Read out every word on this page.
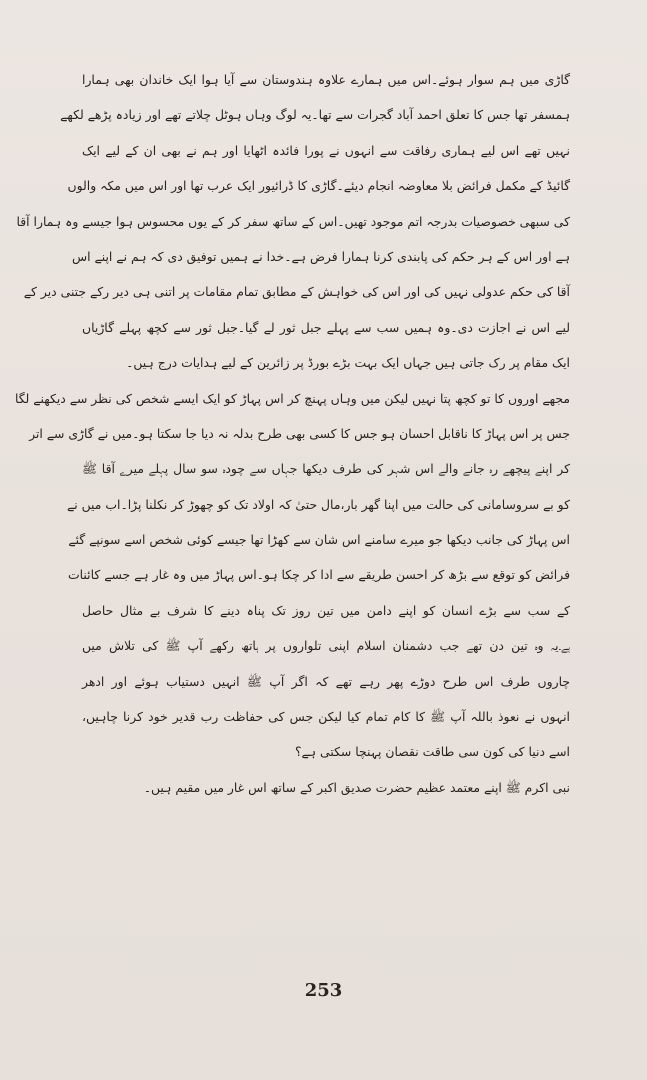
گاڑی میں ہم سوار ہوئے۔اس میں ہمارے علاوہ ہندوستان سے آیا ہوا ایک خاندان بھی ہمارا
ہمسفر تھا جس کا تعلق احمد آباد گجرات سے تھا۔یہ لوگ وہاں ہوٹل چلاتے تھے اور زیادہ پڑھے لکھے
نہیں تھے اس لیے ہماری رفاقت سے انہوں نے پورا فائدہ اٹھایا اور ہم نے بھی ان کے لیے ایک
گائیڈ کے مکمل فرائض بلا معاوضہ انجام دیئے۔گاڑی کا ڈرائیور ایک عرب تھا اور اس میں مکہ والوں
کی سبھی خصوصیات بدرجہ اتم موجود تھیں۔اس کے ساتھ سفر کر کے یوں محسوس ہوا جیسے وہ ہمارا آقا
ہے اور اس کے ہر حکم کی پابندی کرنا ہمارا فرض ہے۔خدا نے ہمیں توفیق دی کہ ہم نے اپنے اس
آقا کی حکم عدولی نہیں کی اور اس کی خواہش کے مطابق تمام مقامات پر اتنی ہی دیر رکے جتنی دیر کے
لیے اس نے اجازت دی۔وہ ہمیں سب سے پہلے جبل ثور لے گیا۔جبل ثور سے کچھ پہلے گاڑیاں
ایک مقام پر رک جاتی ہیں جہاں ایک بہت بڑے بورڈ پر زائرین کے لیے ہدایات درج ہیں۔
مجھے اوروں کا تو کچھ پتا نہیں لیکن میں وہاں پہنچ کر اس پہاڑ کو ایک ایسے شخص کی نظر سے دیکھنے لگا
جس پر اس پہاڑ کا ناقابل احسان ہو جس کا کسی بھی طرح بدلہ نہ دیا جا سکتا ہو۔میں نے گاڑی سے اتر
کر اپنے پیچھے رہ جانے والے اس شہر کی طرف دیکھا جہاں سے چودہ سو سال پہلے میرے آقا ﷺ
کو بے سروسامانی کی حالت میں اپنا گھر بار،مال حتیٰ کہ اولاد تک کو چھوڑ کر نکلنا پڑا۔اب میں نے
اس پہاڑ کی جانب دیکھا جو میرے سامنے اس شان سے کھڑا تھا جیسے کوئی شخص اسے سونپے گئے
فرائض کو توقع سے بڑھ کر احسن طریقے سے ادا کر چکا ہو۔اس پہاڑ میں وہ غار ہے جسے کائنات
کے سب سے بڑے انسان کو اپنے دامن میں تین روز تک پناہ دینے کا شرف بے مثال حاصل
ہے۔یہ وہ تین دن تھے جب دشمنان اسلام اپنی تلواروں پر ہاتھ رکھے آپ ﷺ کی تلاش میں
چاروں طرف اس طرح دوڑے پھر رہے تھے کہ اگر آپ ﷺ انہیں دستیاب ہوئے اور ادھر
انہوں نے نعوذ باللہ آپ ﷺ کا کام تمام کیا لیکن جس کی حفاظت رب قدیر خود کرنا چاہیں،
اسے دنیا کی کون سی طاقت نقصان پہنچا سکتی ہے؟
نبی اکرم ﷺ اپنے معتمد عظیم حضرت صدیق اکبر کے ساتھ اس غار میں مقیم ہیں۔
253
